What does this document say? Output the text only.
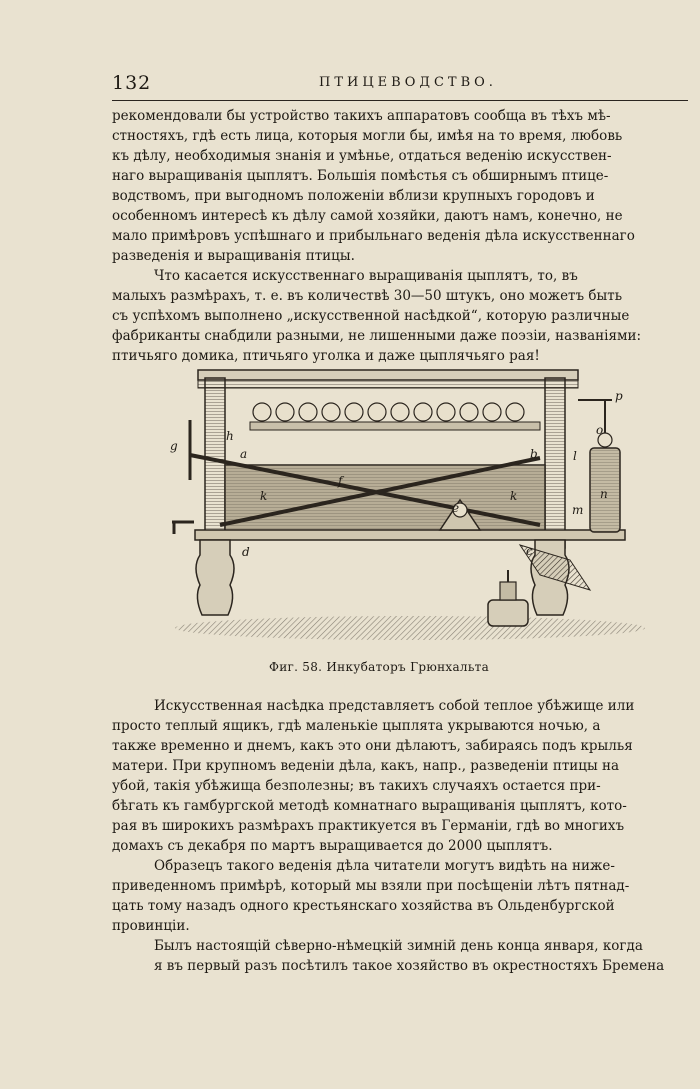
132	ПТИЦЕВОДСТВО.
рекомендовали бы устройство такихъ аппаратовъ сообща въ тѣхъ мѣ-
стностяхъ, гдѣ есть лица, которыя могли бы, имѣя на то время, любовь
къ дѣлу, необходимыя знанія и умѣнье, отдаться веденію искусствен-
наго выращиванія цыплятъ. Большія помѣстья съ обширнымъ птице-
водствомъ, при выгодномъ положеніи вблизи крупныхъ городовъ и
особенномъ интересѣ къ дѣлу самой хозяйки, даютъ намъ, конечно, не
мало примѣровъ успѣшнаго и прибыльнаго веденія дѣла искусственнаго
разведенія и выращиванія птицы.
Что касается искусственнаго выращиванія цыплятъ, то, въ
малыхъ размѣрахъ, т. е. въ количествѣ 30—50 штукъ, оно можетъ быть
съ успѣхомъ выполнено „искусственной насѣдкой“, которую различные
фабриканты снабдили разными, не лишенными даже поэзіи, названіями:
птичьяго домика, птичьяго уголка и даже цыплячьяго рая!
g
h
a
f
b	l
o
p
k	k	n
e	m
c
d
Фиг. 58. Инкубаторъ Грюнхальта
Искусственная насѣдка представляетъ собой теплое убѣжище или
просто теплый ящикъ, гдѣ маленькіе цыплята укрываются ночью, а
также временно и днемъ, какъ это они дѣлаютъ, забираясь подъ крылья
матери. При крупномъ веденіи дѣла, какъ, напр., разведеніи птицы на
убой, такія убѣжища безполезны; въ такихъ случаяхъ остается при-
бѣгать къ гамбургской методѣ комнатнаго выращиванія цыплятъ, кото-
рая въ широкихъ размѣрахъ практикуется въ Германіи, гдѣ во многихъ
домахъ съ декабря по мартъ выращивается до 2000 цыплятъ.
Образецъ такого веденія дѣла читатели могутъ видѣть на ниже-
приведенномъ примѣрѣ, который мы взяли при посѣщеніи лѣтъ пятнад-
цать тому назадъ одного крестьянскаго хозяйства въ Ольденбургской
провинціи.
Былъ настоящій сѣверно-нѣмецкій зимній день конца января, когда
я въ первый разъ посѣтилъ такое хозяйство въ окрестностяхъ Бремена
